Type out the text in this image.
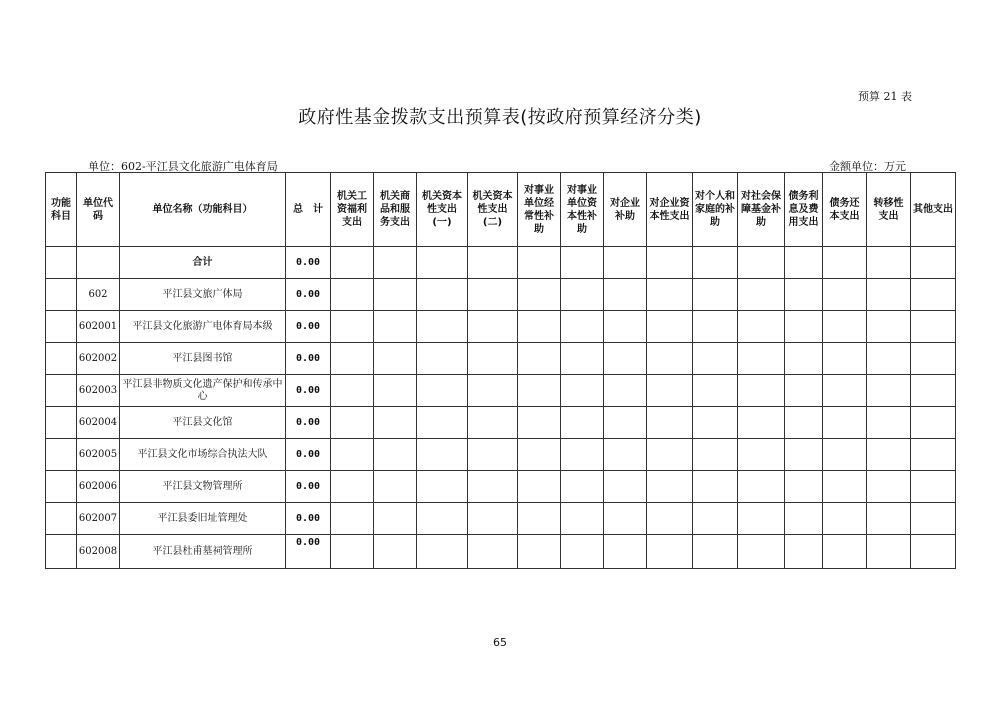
预算 21 表
政府性基金拨款支出预算表(按政府预算经济分类)
单位：602-平江县文化旅游广电体育局	金额单位：万元
功能科目	单位代码	单位名称（功能科目）	总　计	机关工资福利支出	机关商品和服务支出	机关资本性支出(一)	机关资本性支出(二)	对事业单位经常性补助	对事业单位资本性补助	对企业补助	对企业资本性支出	对个人和家庭的补助	对社会保障基金补助	债务利息及费用支出	债务还本支出	转移性支出	其他支出

		合计	0.00														
	602	平江县文旅广体局	0.00														
	602001	平江县文化旅游广电体育局本级	0.00														
	602002	平江县图书馆	0.00														
	602003	平江县非物质文化遗产保护和传承中心	0.00														
	602004	平江县文化馆	0.00														
	602005	平江县文化市场综合执法大队	0.00														
	602006	平江县文物管理所	0.00														
	602007	平江县委旧址管理处	0.00														
	602008	平江县杜甫墓祠管理所	0.00														
65
